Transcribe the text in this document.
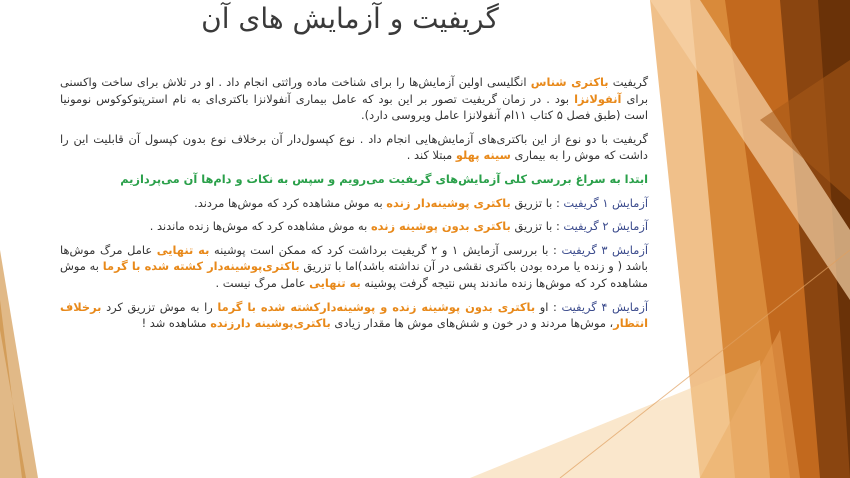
گریفیت و آزمایش های آن

گریفیت باکتری شناس انگلیسی اولین آزمایش‌ها را برای شناخت ماده وراثتی انجام داد . او در تلاش برای ساخت واکسنی برای آنفولانزا بود . در زمان گریفیت تصور بر این بود که عامل بیماری آنفولانزا باکتری‌ای به نام استرپتوکوکوس نومونیا است (طبق فصل ۵ کتاب ۱۱ام آنفولانزا عامل ویروسی دارد).

گریفیت با دو نوع از این باکتری‌های آزمایش‌هایی انجام داد . نوع کپسول‌دار آن برخلاف نوع بدون کپسول آن قابلیت این را داشت که موش را به بیماری سینه پهلو مبتلا کند .

ابتدا به سراغ بررسی کلی آزمایش‌های گریفیت می‌رویم و سپس به نکات و دام‌ها آن می‌پردازیم

آزمایش ۱ گریفیت : با تزریق باکتری پوشینه‌دار زنده به موش مشاهده کرد که موش‌ها مردند.

آزمایش ۲ گریفیت : با تزریق باکتری بدون پوشینه زنده به موش مشاهده کرد که موش‌ها زنده ماندند .

آزمایش ۳ گریفیت : با بررسی آزمایش ۱ و ۲ گریفیت برداشت کرد که ممکن است پوشینه به تنهایی عامل مرگ موش‌ها باشد ( و زنده یا مرده بودن باکتری نقشی در آن نداشته باشد)اما با تزریق باکتری‌پوشینه‌دار کشته شده با گرما به موش مشاهده کرد که موش‌ها زنده ماندند پس نتیجه گرفت پوشینه به تنهایی عامل مرگ نیست .

آزمایش ۴ گریفیت : او باکتری بدون پوشینه زنده و پوشینه‌دارکشته شده با گرما را به موش تزریق کرد برخلاف انتظار، موش‌ها مردند و در خون و شش‌های موش ها مقدار زیادی باکتری‌پوشینه دارزنده مشاهده شد !
